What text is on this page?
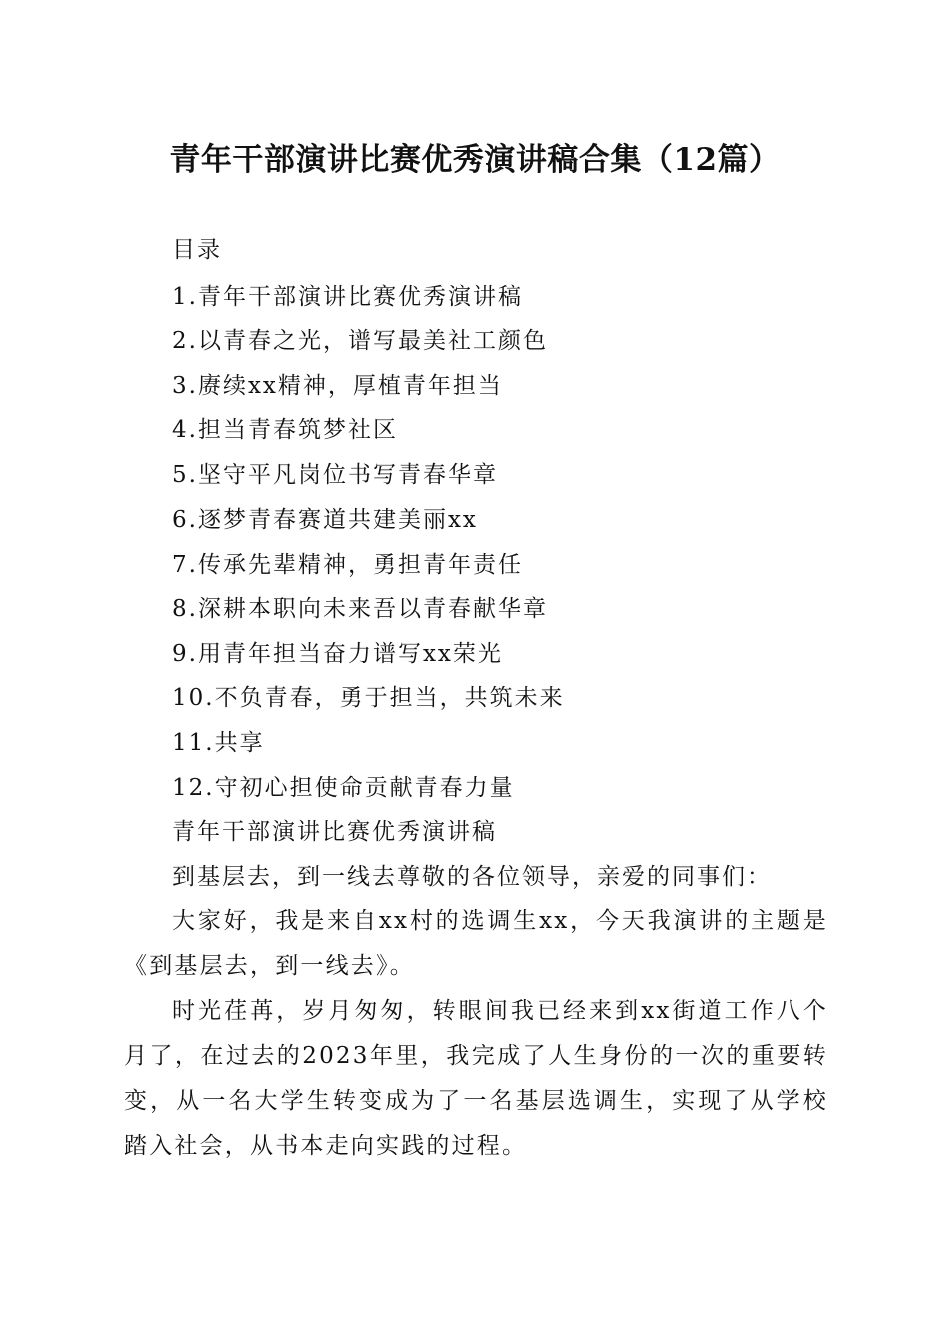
青年干部演讲比赛优秀演讲稿合集（12篇）
目录
1.青年干部演讲比赛优秀演讲稿
2.以青春之光，谱写最美社工颜色
3.赓续xx精神，厚植青年担当
4.担当青春筑梦社区
5.坚守平凡岗位书写青春华章
6.逐梦青春赛道共建美丽xx
7.传承先辈精神，勇担青年责任
8.深耕本职向未来吾以青春献华章
9.用青年担当奋力谱写xx荣光
10.不负青春，勇于担当，共筑未来
11.共享
12.守初心担使命贡献青春力量
青年干部演讲比赛优秀演讲稿
到基层去，到一线去尊敬的各位领导，亲爱的同事们：

大家好，我是来自xx村的选调生xx，今天我演讲的主题是《到基层去，到一线去》。

时光荏苒，岁月匆匆，转眼间我已经来到xx街道工作八个月了，在过去的2023年里，我完成了人生身份的一次的重要转变，从一名大学生转变成为了一名基层选调生，实现了从学校踏入社会，从书本走向实践的过程。
